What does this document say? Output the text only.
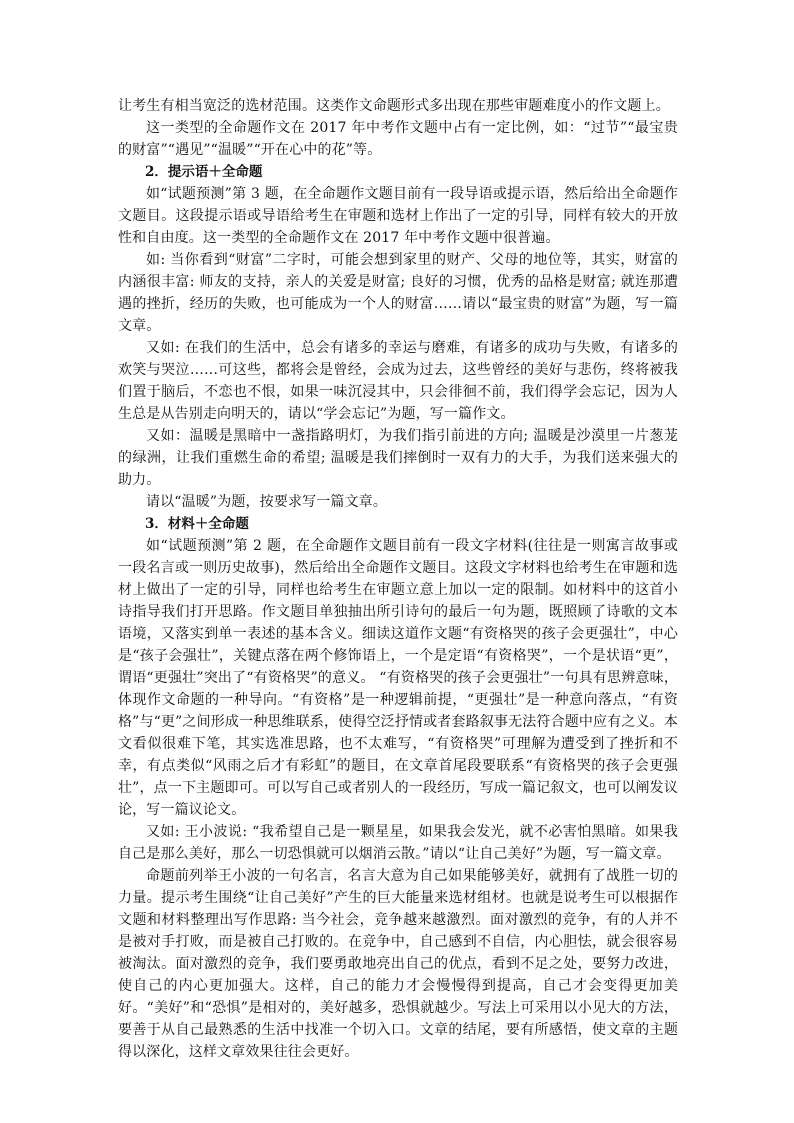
让考生有相当宽泛的选材范围。这类作文命题形式多出现在那些审题难度小的作文题上。

这一类型的全命题作文在 2017 年中考作文题中占有一定比例，如：“过节”“最宝贵的财富”“遇见”“温暖”“开在心中的花”等。

2．提示语＋全命题

如“试题预测”第 3 题，在全命题作文题目前有一段导语或提示语，然后给出全命题作文题目。这段提示语或导语给考生在审题和选材上作出了一定的引导，同样有较大的开放性和自由度。这一类型的全命题作文在 2017 年中考作文题中很普遍。

如: 当你看到“财富”二字时，可能会想到家里的财产、父母的地位等，其实，财富的内涵很丰富: 师友的支持，亲人的关爱是财富; 良好的习惯，优秀的品格是财富; 就连那遭遇的挫折，经历的失败，也可能成为一个人的财富……请以“最宝贵的财富”为题，写一篇文章。

又如: 在我们的生活中，总会有诸多的幸运与磨难，有诸多的成功与失败，有诸多的欢笑与哭泣……可这些，都将会是曾经，会成为过去，这些曾经的美好与悲伤，终将被我们置于脑后，不恋也不恨，如果一味沉浸其中，只会徘徊不前，我们得学会忘记，因为人生总是从告别走向明天的，请以“学会忘记”为题，写一篇作文。

又如：温暖是黑暗中一盏指路明灯，为我们指引前进的方向; 温暖是沙漠里一片葱茏的绿洲，让我们重燃生命的希望; 温暖是我们摔倒时一双有力的大手，为我们送来强大的助力。

请以“温暖”为题，按要求写一篇文章。

3．材料＋全命题

如“试题预测”第 2 题，在全命题作文题目前有一段文字材料(往往是一则寓言故事或一段名言或一则历史故事)，然后给出全命题作文题目。这段文字材料也给考生在审题和选材上做出了一定的引导，同样也给考生在审题立意上加以一定的限制。如材料中的这首小诗指导我们打开思路。作文题目单独抽出所引诗句的最后一句为题，既照顾了诗歌的文本语境，又落实到单一表述的基本含义。细读这道作文题“有资格哭的孩子会更强壮”，中心是“孩子会强壮”，关键点落在两个修饰语上，一个是定语“有资格哭”，一个是状语“更”，谓语“更强壮”突出了“有资格哭”的意义。 “有资格哭的孩子会更强壮”一句具有思辨意味，体现作文命题的一种导向。“有资格”是一种逻辑前提，“更强壮”是一种意向落点，“有资格”与“更”之间形成一种思维联系，使得空泛抒情或者套路叙事无法符合题中应有之义。本文看似很难下笔，其实选准思路，也不太难写，“有资格哭”可理解为遭受到了挫折和不幸，有点类似“风雨之后才有彩虹”的题目，在文章首尾段要联系“有资格哭的孩子会更强壮”，点一下主题即可。可以写自己或者别人的一段经历，写成一篇记叙文，也可以阐发议论，写一篇议论文。

又如: 王小波说: “我希望自己是一颗星星，如果我会发光，就不必害怕黑暗。如果我自己是那么美好，那么一切恐惧就可以烟消云散。”请以“让自己美好”为题，写一篇文章。

命题前列举王小波的一句名言，名言大意为自己如果能够美好，就拥有了战胜一切的力量。提示考生围绕“让自己美好”产生的巨大能量来选材组材。也就是说考生可以根据作文题和材料整理出写作思路: 当今社会，竞争越来越激烈。面对激烈的竞争，有的人并不是被对手打败，而是被自己打败的。在竞争中，自己感到不自信，内心胆怯，就会很容易被淘汰。面对激烈的竞争，我们要勇敢地亮出自己的优点，看到不足之处，要努力改进，使自己的内心更加强大。这样，自己的能力才会慢慢得到提高，自己才会变得更加美好。“美好”和“恐惧”是相对的，美好越多，恐惧就越少。写法上可采用以小见大的方法，要善于从自己最熟悉的生活中找准一个切入口。文章的结尾，要有所感悟，使文章的主题得以深化，这样文章效果往往会更好。
